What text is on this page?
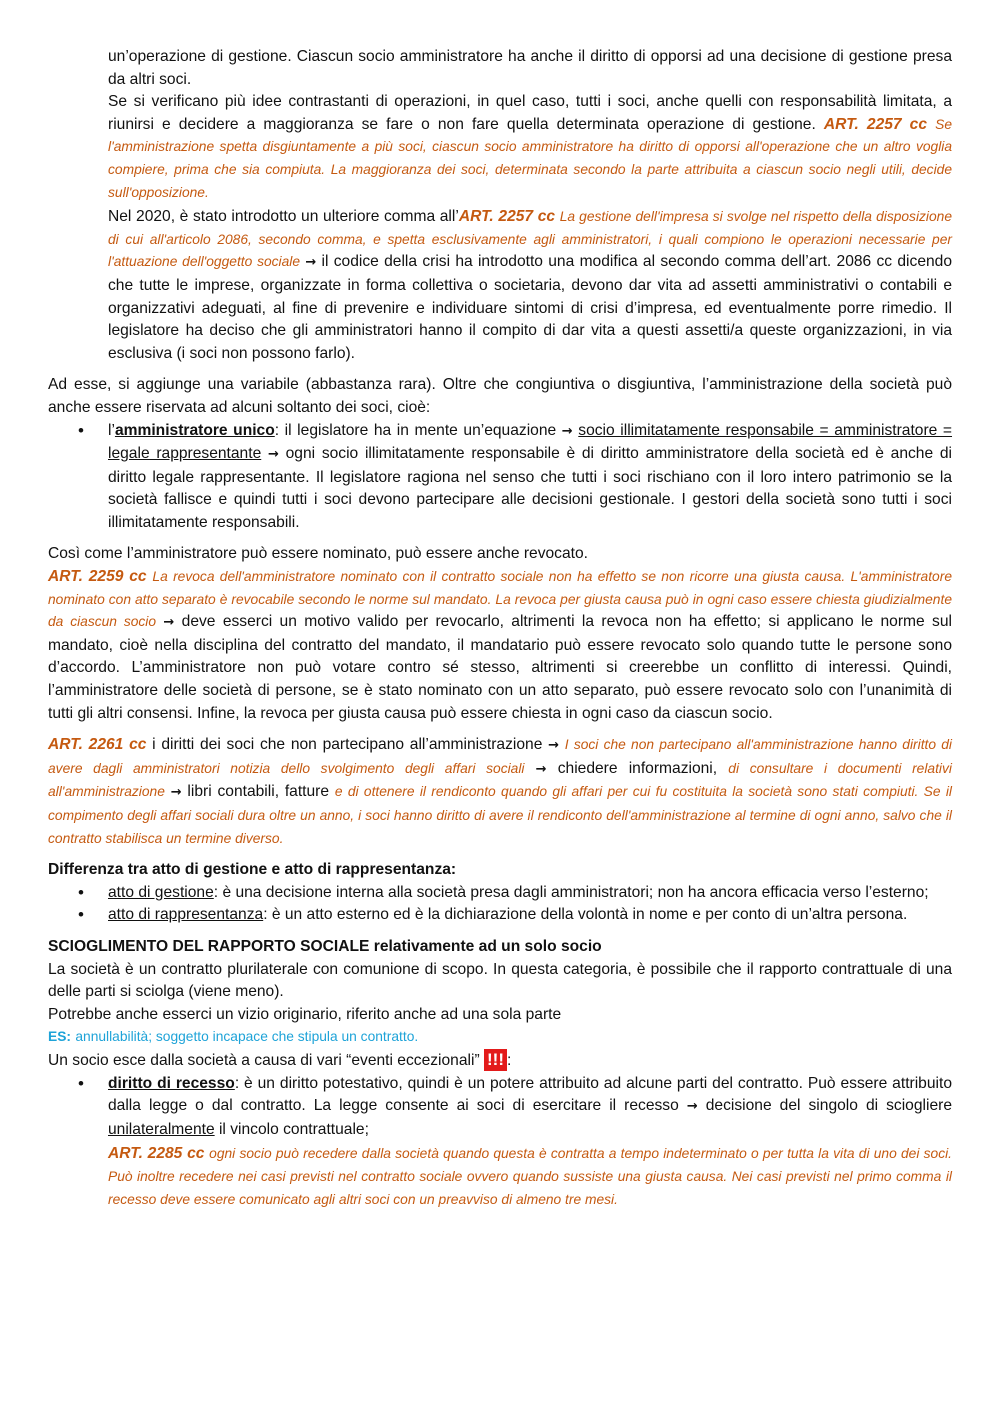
un’operazione di gestione. Ciascun socio amministratore ha anche il diritto di opporsi ad una decisione di gestione presa da altri soci.

Se si verificano più idee contrastanti di operazioni, in quel caso, tutti i soci, anche quelli con responsabilità limitata, a riunirsi e decidere a maggioranza se fare o non fare quella determinata operazione di gestione. ART. 2257 cc Se l'amministrazione spetta disgiuntamente a più soci, ciascun socio amministratore ha diritto di opporsi all'operazione che un altro voglia compiere, prima che sia compiuta. La maggioranza dei soci, determinata secondo la parte attribuita a ciascun socio negli utili, decide sull'opposizione.

Nel 2020, è stato introdotto un ulteriore comma all’ART. 2257 cc La gestione dell'impresa si svolge nel rispetto della disposizione di cui all'articolo 2086, secondo comma, e spetta esclusivamente agli amministratori, i quali compiono le operazioni necessarie per l'attuazione dell'oggetto sociale → il codice della crisi ha introdotto una modifica al secondo comma dell’art. 2086 cc dicendo che tutte le imprese, organizzate in forma collettiva o societaria, devono dar vita ad assetti amministrativi o contabili e organizzativi adeguati, al fine di prevenire e individuare sintomi di crisi d’impresa, ed eventualmente porre rimedio. Il legislatore ha deciso che gli amministratori hanno il compito di dar vita a questi assetti/a queste organizzazioni, in via esclusiva (i soci non possono farlo).

Ad esse, si aggiunge una variabile (abbastanza rara). Oltre che congiuntiva o disgiuntiva, l’amministrazione della società può anche essere riservata ad alcuni soltanto dei soci, cioè:

• l’amministratore unico: il legislatore ha in mente un’equazione → socio illimitatamente responsabile = amministratore = legale rappresentante → ogni socio illimitatamente responsabile è di diritto amministratore della società ed è anche di diritto legale rappresentante. Il legislatore ragiona nel senso che tutti i soci rischiano con il loro intero patrimonio se la società fallisce e quindi tutti i soci devono partecipare alle decisioni gestionale. I gestori della società sono tutti i soci illimitatamente responsabili.

Così come l’amministratore può essere nominato, può essere anche revocato.

ART. 2259 cc La revoca dell'amministratore nominato con il contratto sociale non ha effetto se non ricorre una giusta causa. L'amministratore nominato con atto separato è revocabile secondo le norme sul mandato. La revoca per giusta causa può in ogni caso essere chiesta giudizialmente da ciascun socio → deve esserci un motivo valido per revocarlo, altrimenti la revoca non ha effetto; si applicano le norme sul mandato, cioè nella disciplina del contratto del mandato, il mandatario può essere revocato solo quando tutte le persone sono d’accordo. L’amministratore non può votare contro sé stesso, altrimenti si creerebbe un conflitto di interessi. Quindi, l’amministratore delle società di persone, se è stato nominato con un atto separato, può essere revocato solo con l’unanimità di tutti gli altri consensi. Infine, la revoca per giusta causa può essere chiesta in ogni caso da ciascun socio.

ART. 2261 cc i diritti dei soci che non partecipano all’amministrazione → I soci che non partecipano all'amministrazione hanno diritto di avere dagli amministratori notizia dello svolgimento degli affari sociali → chiedere informazioni, di consultare i documenti relativi all'amministrazione → libri contabili, fatture e di ottenere il rendiconto quando gli affari per cui fu costituita la società sono stati compiuti. Se il compimento degli affari sociali dura oltre un anno, i soci hanno diritto di avere il rendiconto dell'amministrazione al termine di ogni anno, salvo che il contratto stabilisca un termine diverso.

Differenza tra atto di gestione e atto di rappresentanza:

• atto di gestione: è una decisione interna alla società presa dagli amministratori; non ha ancora efficacia verso l’esterno;
• atto di rappresentanza: è un atto esterno ed è la dichiarazione della volontà in nome e per conto di un’altra persona.

SCIOGLIMENTO DEL RAPPORTO SOCIALE relativamente ad un solo socio

La società è un contratto plurilaterale con comunione di scopo. In questa categoria, è possibile che il rapporto contrattuale di una delle parti si sciolga (viene meno).

Potrebbe anche esserci un vizio originario, riferito anche ad una sola parte

ES: annullabilità; soggetto incapace che stipula un contratto.

Un socio esce dalla società a causa di vari “eventi eccezionali” !!! :

• diritto di recesso: è un diritto potestativo, quindi è un potere attribuito ad alcune parti del contratto. Può essere attribuito dalla legge o dal contratto. La legge consente ai soci di esercitare il recesso → decisione del singolo di sciogliere unilateralmente il vincolo contrattuale;

ART. 2285 cc ogni socio può recedere dalla società quando questa è contratta a tempo indeterminato o per tutta la vita di uno dei soci. Può inoltre recedere nei casi previsti nel contratto sociale ovvero quando sussiste una giusta causa. Nei casi previsti nel primo comma il recesso deve essere comunicato agli altri soci con un preavviso di almeno tre mesi.
